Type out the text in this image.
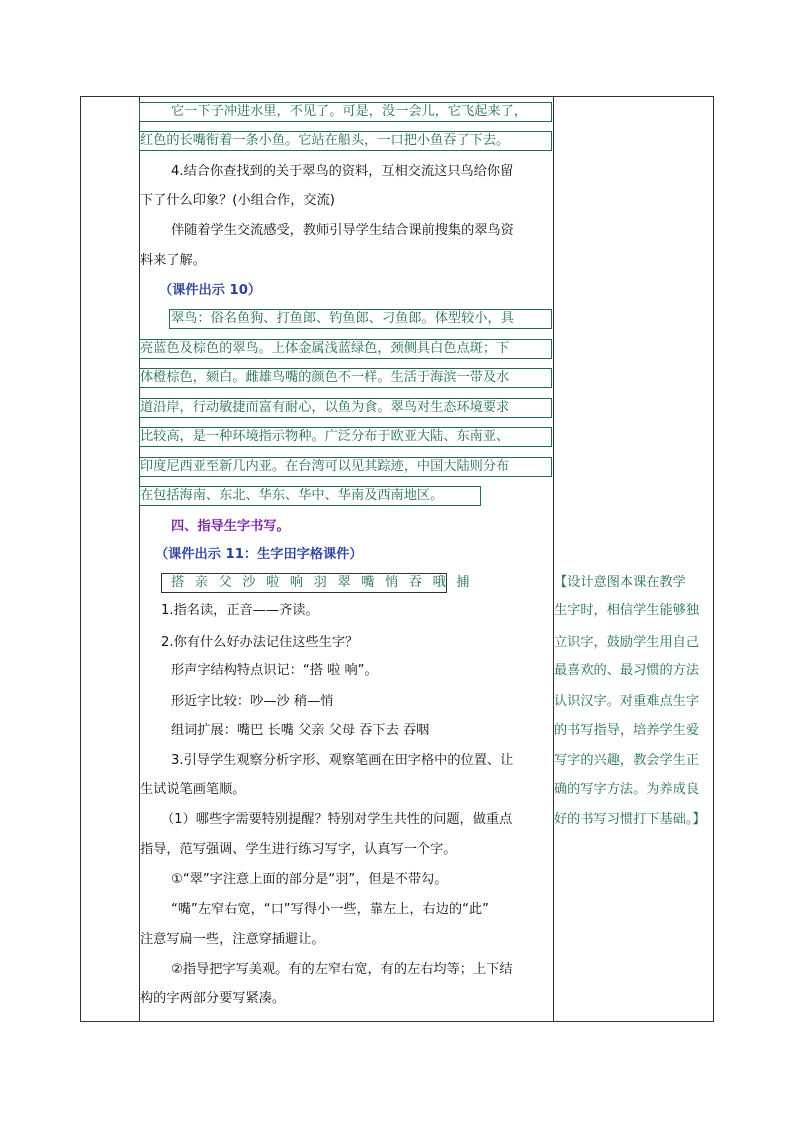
它一下子冲进水里，不见了。可是，没一会儿，它飞起来了，
红色的长嘴衔着一条小鱼。它站在船头，一口把小鱼吞了下去。
4.结合你查找到的关于翠鸟的资料，互相交流这只鸟给你留
下了什么印象？(小组合作，交流)
伴随着学生交流感受，教师引导学生结合课前搜集的翠鸟资
料来了解。
（课件出示 10）
翠鸟：俗名鱼狗、打鱼郎、钓鱼郎、刁鱼郎。体型较小，具
亮蓝色及棕色的翠鸟。上体金属浅蓝绿色，颈侧具白色点斑；下
体橙棕色，颏白。雌雄鸟嘴的颜色不一样。生活于海滨一带及水
道沿岸，行动敏捷而富有耐心，以鱼为食。翠鸟对生态环境要求
比较高，是一种环境指示物种。广泛分布于欧亚大陆、东南亚、
印度尼西亚至新几内亚。在台湾可以见其踪迹，中国大陆则分布
在包括海南、东北、华东、华中、华南及西南地区。
四、指导生字书写。
（课件出示 11：生字田字格课件）
搭 亲 父 沙 啦 响 羽 翠 嘴 悄 吞 哦 捕
1.指名读，正音——齐读。
2.你有什么好办法记住这些生字？
形声字结构特点识记：“搭 啦 响”。
形近字比较：吵—沙 稍—悄
组词扩展：嘴巴 长嘴 父亲 父母 吞下去 吞咽
3.引导学生观察分析字形、观察笔画在田字格中的位置、让
生试说笔画笔顺。
（1）哪些字需要特别提醒？特别对学生共性的问题，做重点
指导，范写强调、学生进行练习写字，认真写一个字。
①“翠”字注意上面的部分是“羽”，但是不带勾。
“嘴”左窄右宽，“口”写得小一些，靠左上，右边的“此”
注意写扁一些，注意穿插避让。
②指导把字写美观。有的左窄右宽，有的左右均等；上下结
构的字两部分要写紧凑。
【设计意图本课在教学
生字时，相信学生能够独
立识字，鼓励学生用自己
最喜欢的、最习惯的方法
认识汉字。对重难点生字
的书写指导，培养学生爱
写字的兴趣，教会学生正
确的写字方法。为养成良
好的书写习惯打下基础。】
